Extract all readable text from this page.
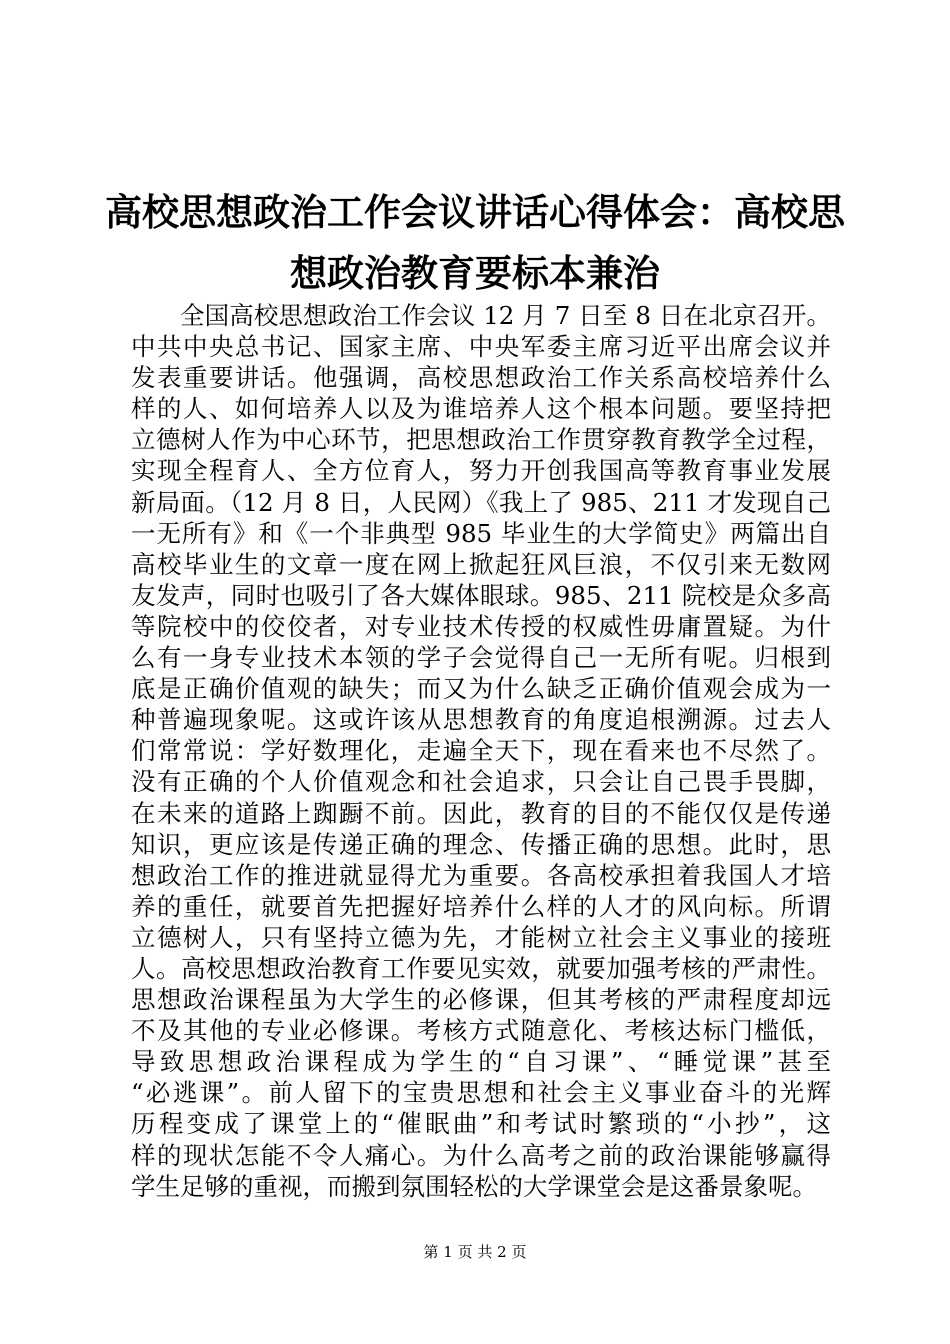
高校思想政治工作会议讲话心得体会：高校思
想政治教育要标本兼治
全国高校思想政治工作会议 12 月 7 日至 8 日在北京召开。
中共中央总书记、国家主席、中央军委主席习近平出席会议并
发表重要讲话。他强调，高校思想政治工作关系高校培养什么
样的人、如何培养人以及为谁培养人这个根本问题。要坚持把
立德树人作为中心环节，把思想政治工作贯穿教育教学全过程，
实现全程育人、全方位育人，努力开创我国高等教育事业发展
新局面。（12 月 8 日，人民网）《我上了 985、211 才发现自己
一无所有》和《一个非典型 985 毕业生的大学简史》两篇出自
高校毕业生的文章一度在网上掀起狂风巨浪，不仅引来无数网
友发声，同时也吸引了各大媒体眼球。985、211 院校是众多高
等院校中的佼佼者，对专业技术传授的权威性毋庸置疑。为什
么有一身专业技术本领的学子会觉得自己一无所有呢。归根到
底是正确价值观的缺失；而又为什么缺乏正确价值观会成为一
种普遍现象呢。这或许该从思想教育的角度追根溯源。过去人
们常常说：学好数理化，走遍全天下，现在看来也不尽然了。
没有正确的个人价值观念和社会追求，只会让自己畏手畏脚，
在未来的道路上踟蹰不前。因此，教育的目的不能仅仅是传递
知识，更应该是传递正确的理念、传播正确的思想。此时，思
想政治工作的推进就显得尤为重要。各高校承担着我国人才培
养的重任，就要首先把握好培养什么样的人才的风向标。所谓
立德树人，只有坚持立德为先，才能树立社会主义事业的接班
人。高校思想政治教育工作要见实效，就要加强考核的严肃性。
思想政治课程虽为大学生的必修课，但其考核的严肃程度却远
不及其他的专业必修课。考核方式随意化、考核达标门槛低，
导致思想政治课程成为学生的“自习课”、“睡觉课”甚至
“必逃课”。前人留下的宝贵思想和社会主义事业奋斗的光辉
历程变成了课堂上的“催眠曲”和考试时繁琐的“小抄”，这
样的现状怎能不令人痛心。为什么高考之前的政治课能够赢得
学生足够的重视，而搬到氛围轻松的大学课堂会是这番景象呢。
第 1 页 共 2 页
